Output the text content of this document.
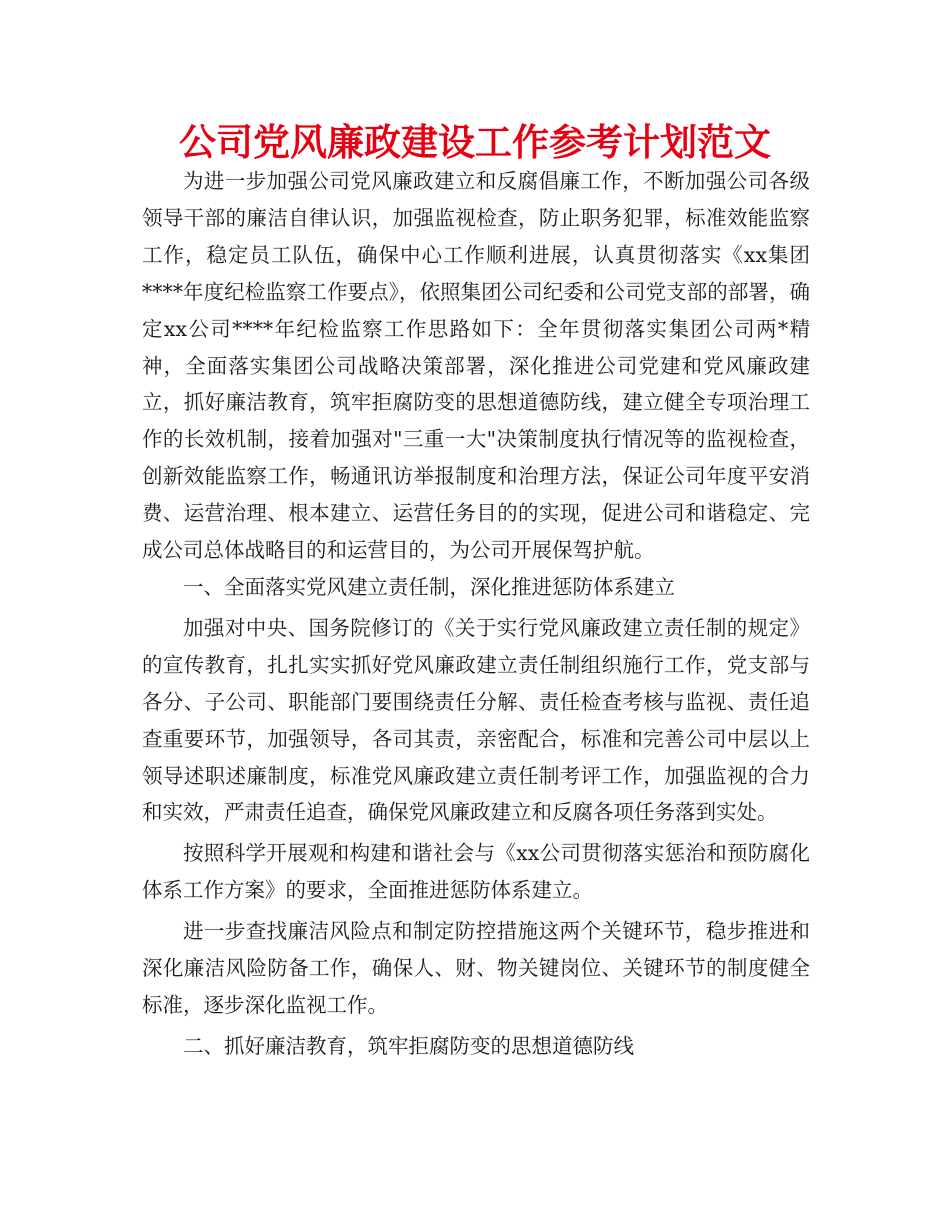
公司党风廉政建设工作参考计划范文

为进一步加强公司党风廉政建立和反腐倡廉工作，不断加强公司各级领导干部的廉洁自律认识，加强监视检查，防止职务犯罪，标准效能监察工作，稳定员工队伍，确保中心工作顺利进展，认真贯彻落实《xx集团****年度纪检监察工作要点》，依照集团公司纪委和公司党支部的部署，确定xx公司****年纪检监察工作思路如下：全年贯彻落实集团公司两*精神，全面落实集团公司战略决策部署，深化推进公司党建和党风廉政建立，抓好廉洁教育，筑牢拒腐防变的思想道德防线，建立健全专项治理工作的长效机制，接着加强对"三重一大"决策制度执行情况等的监视检查，创新效能监察工作，畅通讯访举报制度和治理方法，保证公司年度平安消费、运营治理、根本建立、运营任务目的的实现，促进公司和谐稳定、完成公司总体战略目的和运营目的，为公司开展保驾护航。

一、全面落实党风建立责任制，深化推进惩防体系建立

加强对中央、国务院修订的《关于实行党风廉政建立责任制的规定》的宣传教育，扎扎实实抓好党风廉政建立责任制组织施行工作，党支部与各分、子公司、职能部门要围绕责任分解、责任检查考核与监视、责任追查重要环节，加强领导，各司其责，亲密配合，标准和完善公司中层以上领导述职述廉制度，标准党风廉政建立责任制考评工作，加强监视的合力和实效，严肃责任追查，确保党风廉政建立和反腐各项任务落到实处。

按照科学开展观和构建和谐社会与《xx公司贯彻落实惩治和预防腐化体系工作方案》的要求，全面推进惩防体系建立。

进一步查找廉洁风险点和制定防控措施这两个关键环节，稳步推进和深化廉洁风险防备工作，确保人、财、物关键岗位、关键环节的制度健全标准，逐步深化监视工作。

二、抓好廉洁教育，筑牢拒腐防变的思想道德防线
